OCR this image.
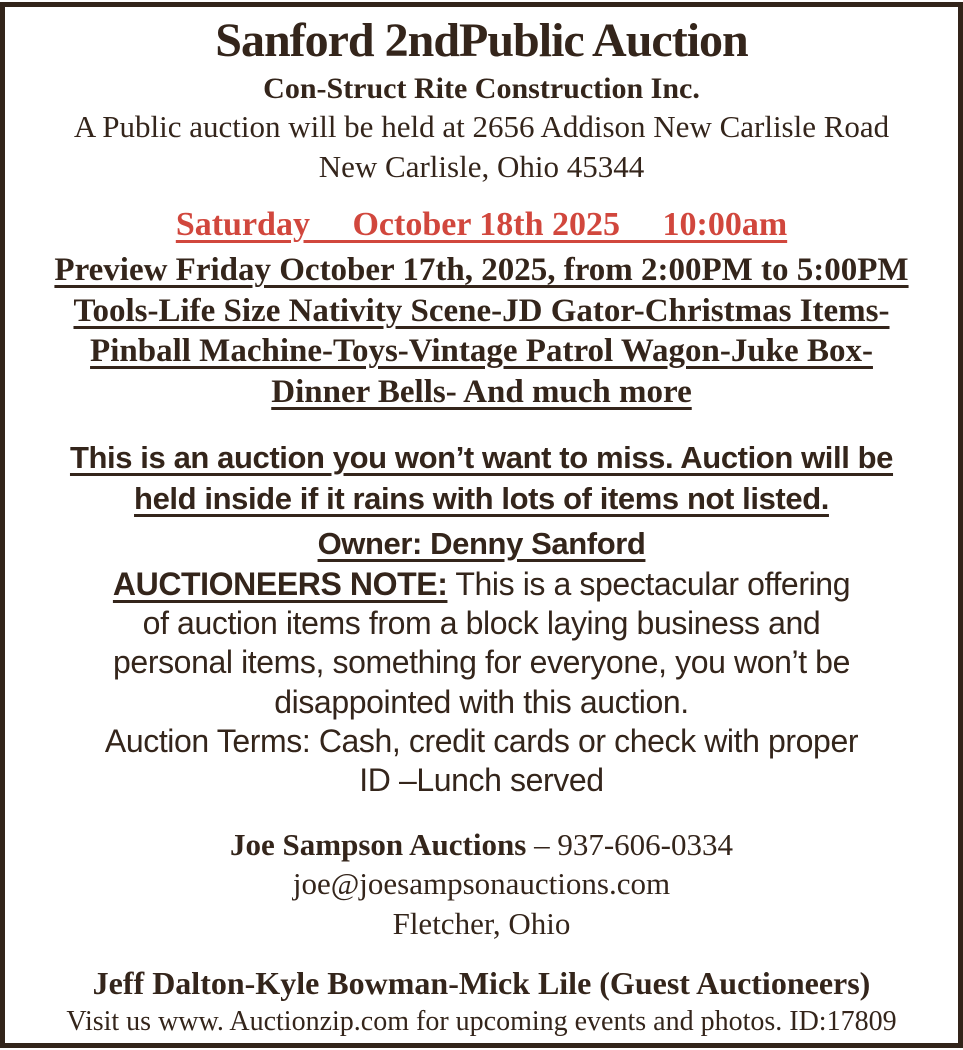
Sanford 2ndPublic Auction
Con-Struct Rite Construction Inc.
A Public auction will be held at 2656 Addison New Carlisle Road
New Carlisle, Ohio 45344
Saturday     October 18th 2025     10:00am
Preview Friday October 17th, 2025, from 2:00PM to 5:00PM
Tools-Life Size Nativity Scene-JD Gator-Christmas Items-
Pinball Machine-Toys-Vintage Patrol Wagon-Juke Box-
Dinner Bells- And much more
This is an auction you won’t want to miss. Auction will be
held inside if it rains with lots of items not listed.
Owner: Denny Sanford
AUCTIONEERS NOTE: This is a spectacular offering
of auction items from a block laying business and
personal items, something for everyone, you won’t be
disappointed with this auction.
Auction Terms: Cash, credit cards or check with proper
ID –Lunch served
Joe Sampson Auctions – 937-606-0334
joe@joesampsonauctions.com
Fletcher, Ohio
Jeff Dalton-Kyle Bowman-Mick Lile (Guest Auctioneers)
Visit us www. Auctionzip.com for upcoming events and photos. ID:17809
